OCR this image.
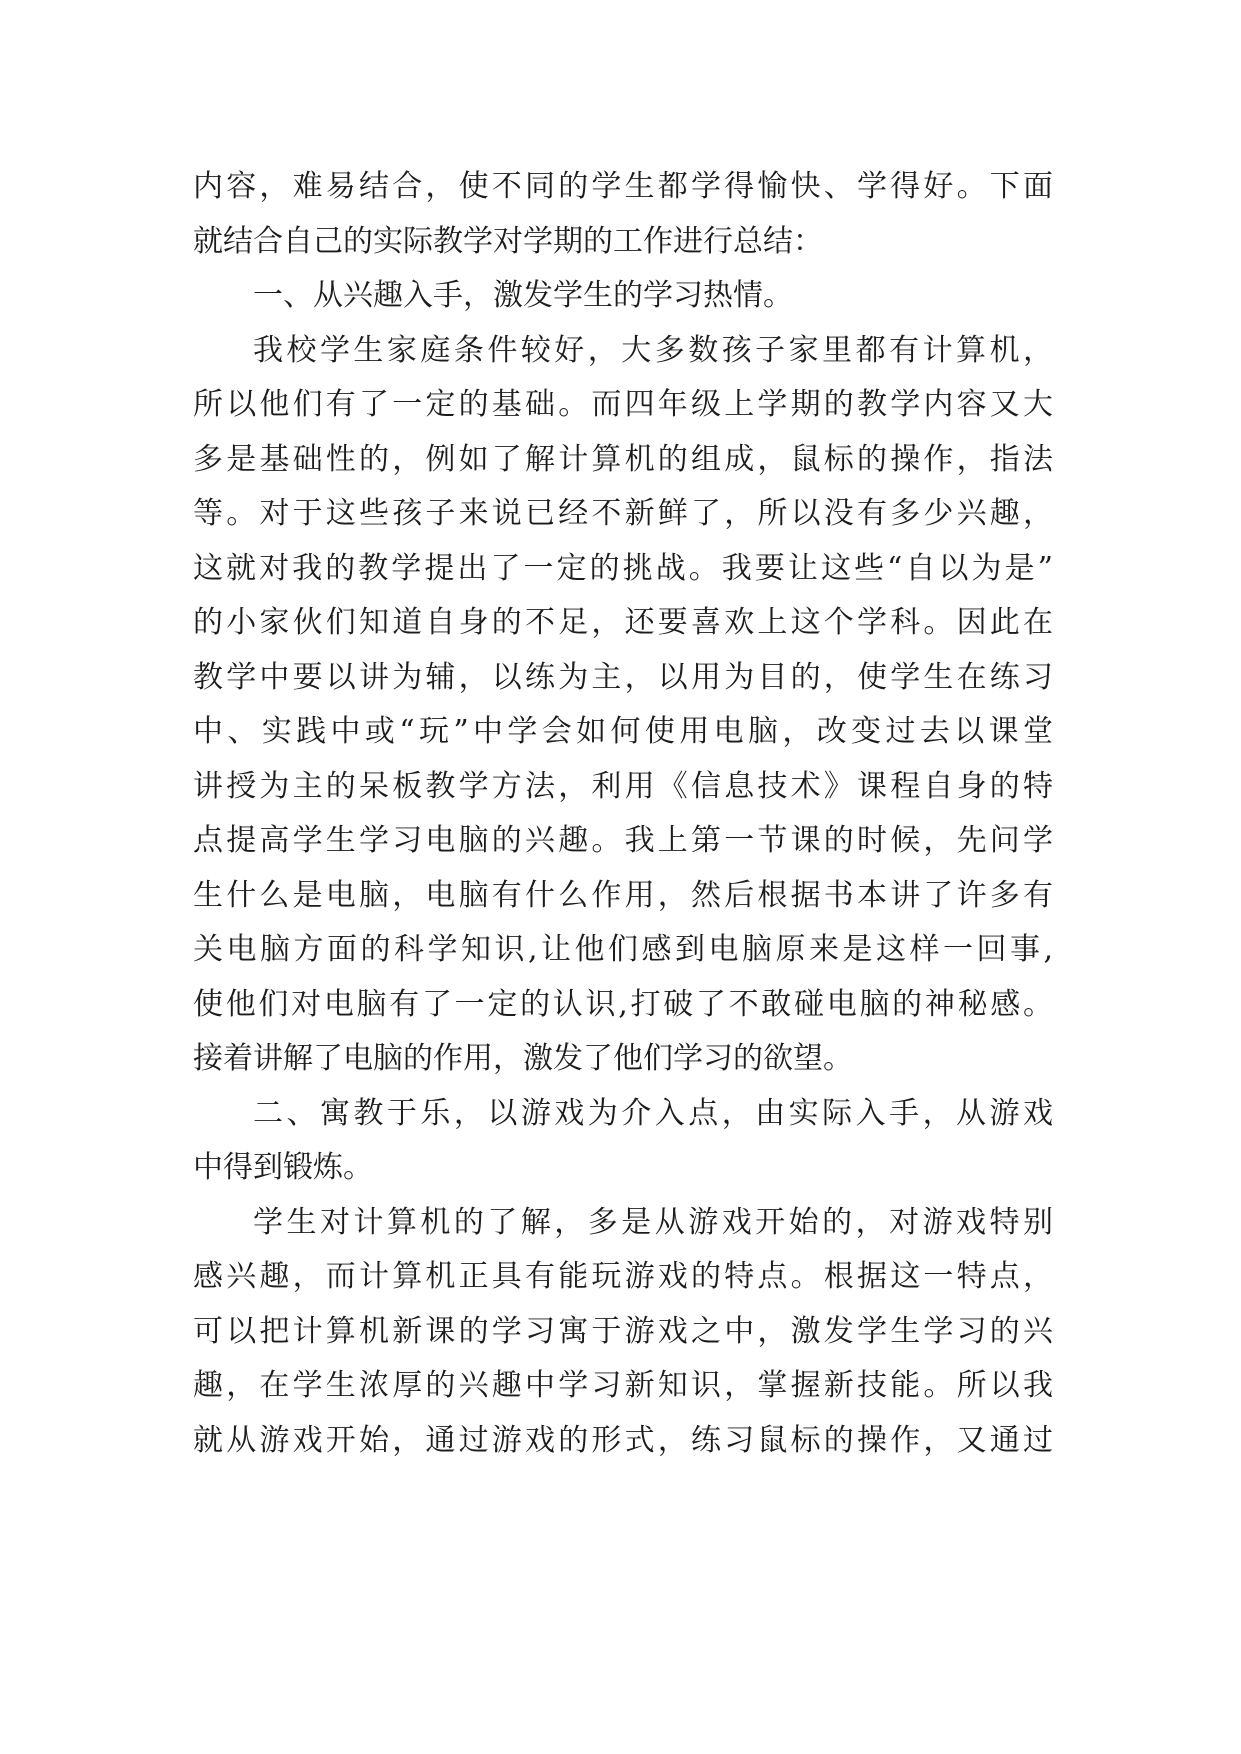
内容，难易结合，使不同的学生都学得愉快、学得好。下面
就结合自己的实际教学对学期的工作进行总结：
一、从兴趣入手，激发学生的学习热情。
我校学生家庭条件较好，大多数孩子家里都有计算机，
所以他们有了一定的基础。而四年级上学期的教学内容又大
多是基础性的，例如了解计算机的组成，鼠标的操作，指法
等。对于这些孩子来说已经不新鲜了，所以没有多少兴趣，
这就对我的教学提出了一定的挑战。我要让这些“自以为是”
的小家伙们知道自身的不足，还要喜欢上这个学科。因此在
教学中要以讲为辅，以练为主，以用为目的，使学生在练习
中、实践中或“玩”中学会如何使用电脑，改变过去以课堂
讲授为主的呆板教学方法，利用《信息技术》课程自身的特
点提高学生学习电脑的兴趣。我上第一节课的时候，先问学
生什么是电脑，电脑有什么作用，然后根据书本讲了许多有
关电脑方面的科学知识,让他们感到电脑原来是这样一回事,
使他们对电脑有了一定的认识,打破了不敢碰电脑的神秘感。
接着讲解了电脑的作用，激发了他们学习的欲望。
二、寓教于乐，以游戏为介入点，由实际入手，从游戏
中得到锻炼。
学生对计算机的了解，多是从游戏开始的，对游戏特别
感兴趣，而计算机正具有能玩游戏的特点。根据这一特点，
可以把计算机新课的学习寓于游戏之中，激发学生学习的兴
趣，在学生浓厚的兴趣中学习新知识，掌握新技能。所以我
就从游戏开始，通过游戏的形式，练习鼠标的操作，又通过
